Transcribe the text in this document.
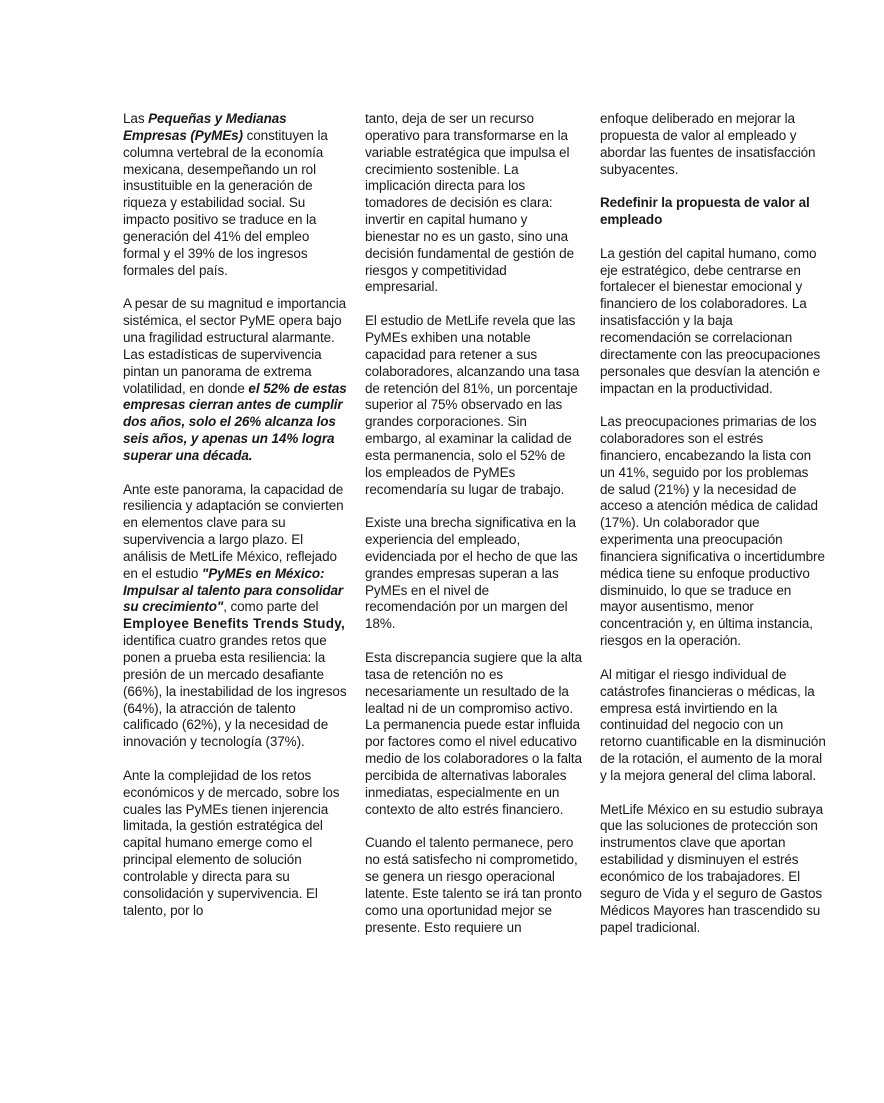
Las Pequeñas y Medianas Empresas (PyMEs) constituyen la columna vertebral de la economía mexicana, desempeñando un rol insustituible en la generación de riqueza y estabilidad social. Su impacto positivo se traduce en la generación del 41% del empleo formal y el 39% de los ingresos formales del país.

A pesar de su magnitud e importancia sistémica, el sector PyME opera bajo una fragilidad estructural alarmante. Las estadísticas de supervivencia pintan un panorama de extrema volatilidad, en donde el 52% de estas empresas cierran antes de cumplir dos años, solo el 26% alcanza los seis años, y apenas un 14% logra superar una década.

Ante este panorama, la capacidad de resiliencia y adaptación se convierten en elementos clave para su supervivencia a largo plazo. El análisis de MetLife México, reflejado en el estudio "PyMEs en México: Impulsar al talento para consolidar su crecimiento", como parte del Employee Benefits Trends Study, identifica cuatro grandes retos que ponen a prueba esta resiliencia: la presión de un mercado desafiante (66%), la inestabilidad de los ingresos (64%), la atracción de talento calificado (62%), y la necesidad de innovación y tecnología (37%).

Ante la complejidad de los retos económicos y de mercado, sobre los cuales las PyMEs tienen injerencia limitada, la gestión estratégica del capital humano emerge como el principal elemento de solución controlable y directa para su consolidación y supervivencia. El talento, por lo

tanto, deja de ser un recurso operativo para transformarse en la variable estratégica que impulsa el crecimiento sostenible. La implicación directa para los tomadores de decisión es clara: invertir en capital humano y bienestar no es un gasto, sino una decisión fundamental de gestión de riesgos y competitividad empresarial.

El estudio de MetLife revela que las PyMEs exhiben una notable capacidad para retener a sus colaboradores, alcanzando una tasa de retención del 81%, un porcentaje superior al 75% observado en las grandes corporaciones. Sin embargo, al examinar la calidad de esta permanencia, solo el 52% de los empleados de PyMEs recomendaría su lugar de trabajo.

Existe una brecha significativa en la experiencia del empleado, evidenciada por el hecho de que las grandes empresas superan a las PyMEs en el nivel de recomendación por un margen del 18%.

Esta discrepancia sugiere que la alta tasa de retención no es necesariamente un resultado de la lealtad ni de un compromiso activo. La permanencia puede estar influida por factores como el nivel educativo medio de los colaboradores o la falta percibida de alternativas laborales inmediatas, especialmente en un contexto de alto estrés financiero.

Cuando el talento permanece, pero no está satisfecho ni comprometido, se genera un riesgo operacional latente. Este talento se irá tan pronto como una oportunidad mejor se presente. Esto requiere un

enfoque deliberado en mejorar la propuesta de valor al empleado y abordar las fuentes de insatisfacción subyacentes.

Redefinir la propuesta de valor al empleado

La gestión del capital humano, como eje estratégico, debe centrarse en fortalecer el bienestar emocional y financiero de los colaboradores. La insatisfacción y la baja recomendación se correlacionan directamente con las preocupaciones personales que desvían la atención e impactan en la productividad.

Las preocupaciones primarias de los colaboradores son el estrés financiero, encabezando la lista con un 41%, seguido por los problemas de salud (21%) y la necesidad de acceso a atención médica de calidad (17%). Un colaborador que experimenta una preocupación financiera significativa o incertidumbre médica tiene su enfoque productivo disminuido, lo que se traduce en mayor ausentismo, menor concentración y, en última instancia, riesgos en la operación.

Al mitigar el riesgo individual de catástrofes financieras o médicas, la empresa está invirtiendo en la continuidad del negocio con un retorno cuantificable en la disminución de la rotación, el aumento de la moral y la mejora general del clima laboral.

MetLife México en su estudio subraya que las soluciones de protección son instrumentos clave que aportan estabilidad y disminuyen el estrés económico de los trabajadores. El seguro de Vida y el seguro de Gastos Médicos Mayores han trascendido su papel tradicional.
